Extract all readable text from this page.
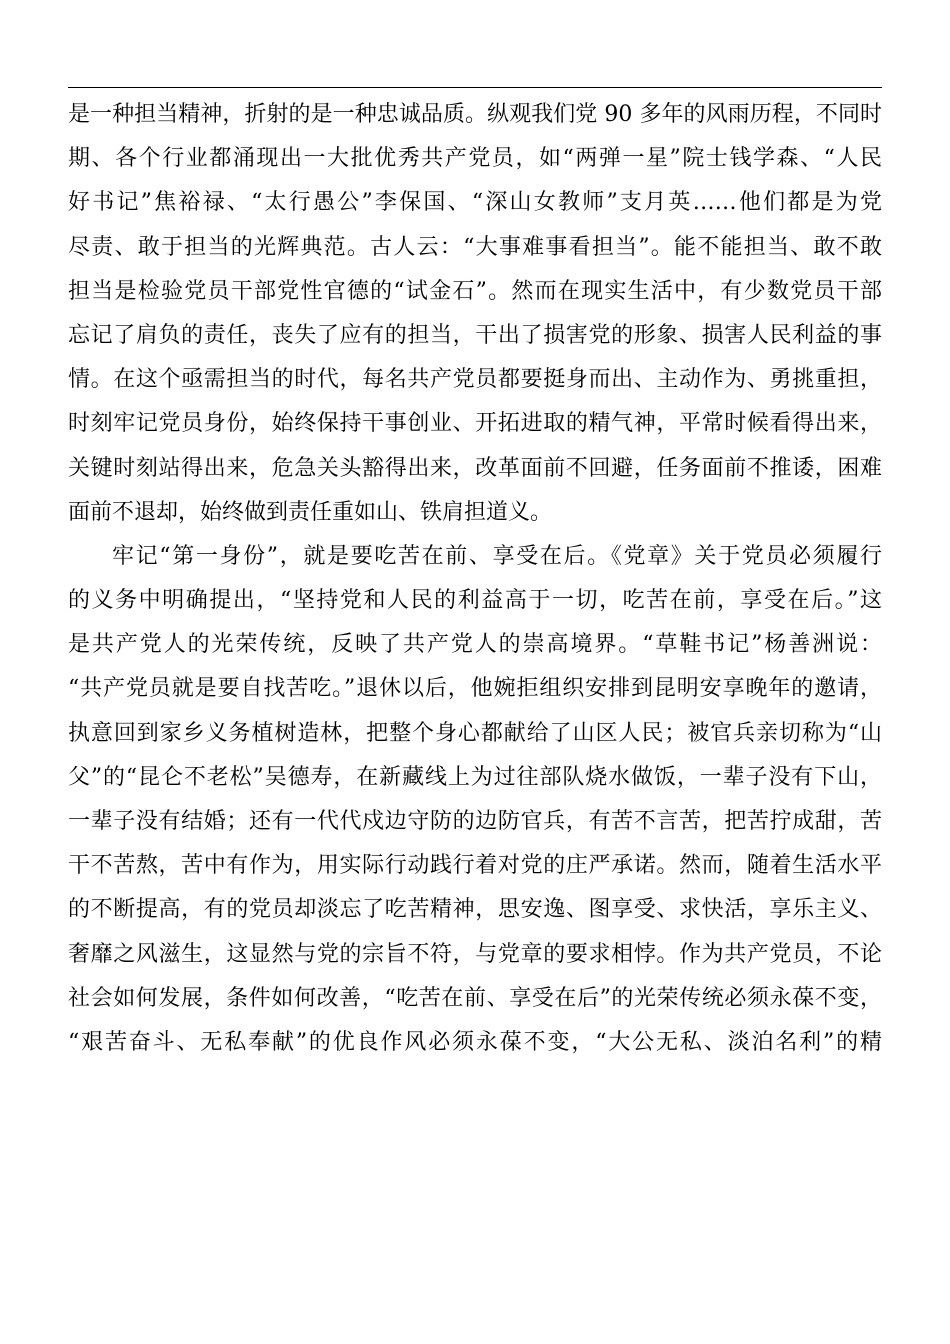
是一种担当精神，折射的是一种忠诚品质。纵观我们党 90 多年的风雨历程，不同时
期、各个行业都涌现出一大批优秀共产党员，如“两弹一星”院士钱学森、“人民
好书记”焦裕禄、“太行愚公”李保国、“深山女教师”支月英……他们都是为党
尽责、敢于担当的光辉典范。古人云：“大事难事看担当”。能不能担当、敢不敢
担当是检验党员干部党性官德的“试金石”。然而在现实生活中，有少数党员干部
忘记了肩负的责任，丧失了应有的担当，干出了损害党的形象、损害人民利益的事
情。在这个亟需担当的时代，每名共产党员都要挺身而出、主动作为、勇挑重担，
时刻牢记党员身份，始终保持干事创业、开拓进取的精气神，平常时候看得出来，
关键时刻站得出来，危急关头豁得出来，改革面前不回避，任务面前不推诿，困难
面前不退却，始终做到责任重如山、铁肩担道义。
牢记“第一身份”，就是要吃苦在前、享受在后。《党章》关于党员必须履行
的义务中明确提出，“坚持党和人民的利益高于一切，吃苦在前，享受在后。”这
是共产党人的光荣传统，反映了共产党人的崇高境界。“草鞋书记”杨善洲说：
“共产党员就是要自找苦吃。”退休以后，他婉拒组织安排到昆明安享晚年的邀请，
执意回到家乡义务植树造林，把整个身心都献给了山区人民；被官兵亲切称为“山
父”的“昆仑不老松”吴德寿，在新藏线上为过往部队烧水做饭，一辈子没有下山，
一辈子没有结婚；还有一代代戍边守防的边防官兵，有苦不言苦，把苦拧成甜，苦
干不苦熬，苦中有作为，用实际行动践行着对党的庄严承诺。然而，随着生活水平
的不断提高，有的党员却淡忘了吃苦精神，思安逸、图享受、求快活，享乐主义、
奢靡之风滋生，这显然与党的宗旨不符，与党章的要求相悖。作为共产党员，不论
社会如何发展，条件如何改善，“吃苦在前、享受在后”的光荣传统必须永葆不变，
“艰苦奋斗、无私奉献”的优良作风必须永葆不变，“大公无私、淡泊名利”的精
